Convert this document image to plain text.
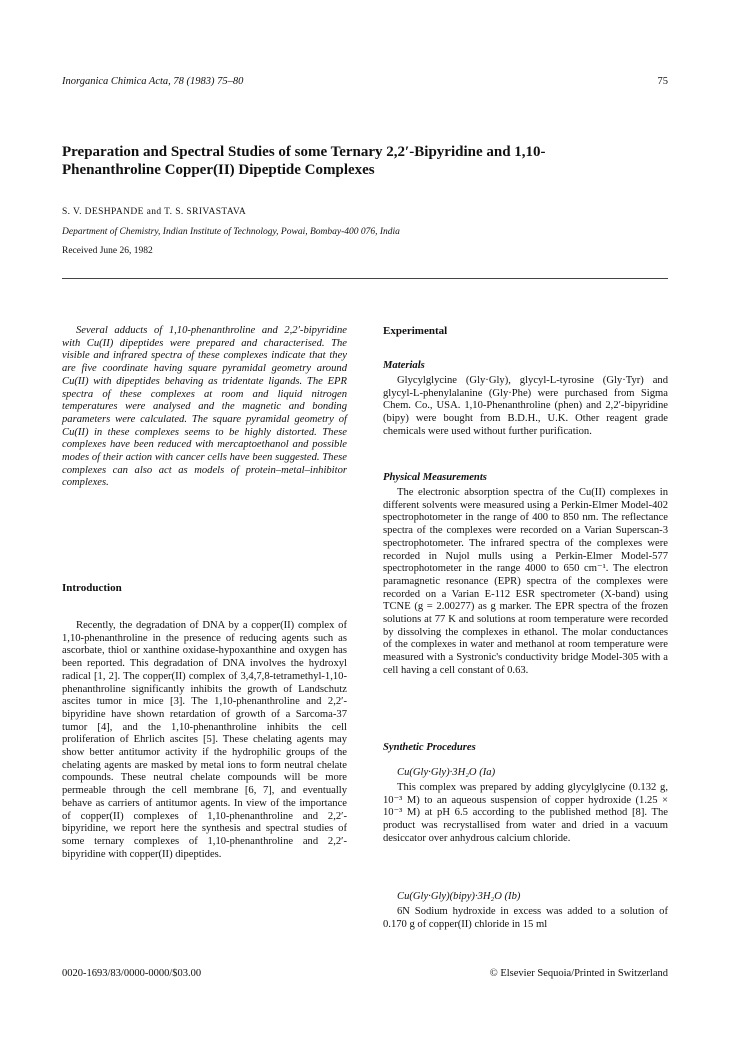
Inorganica Chimica Acta, 78 (1983) 75–80	75
Preparation and Spectral Studies of some Ternary 2,2′-Bipyridine and 1,10-Phenanthroline Copper(II) Dipeptide Complexes
S. V. DESHPANDE and T. S. SRIVASTAVA
Department of Chemistry, Indian Institute of Technology, Powai, Bombay-400 076, India
Received June 26, 1982

Several adducts of 1,10-phenanthroline and 2,2′-bipyridine with Cu(II) dipeptides were prepared and characterised. The visible and infrared spectra of these complexes indicate that they are five coordinate having square pyramidal geometry around Cu(II) with dipeptides behaving as tridentate ligands. The EPR spectra of these complexes at room and liquid nitrogen temperatures were analysed and the magnetic and bonding parameters were calculated. The square pyramidal geometry of Cu(II) in these complexes seems to be highly distorted. These complexes have been reduced with mercaptoethanol and possible modes of their action with cancer cells have been suggested. These complexes can also act as models of protein–metal–inhibitor complexes.

Introduction

Recently, the degradation of DNA by a copper(II) complex of 1,10-phenanthroline in the presence of reducing agents such as ascorbate, thiol or xanthine oxidase-hypoxanthine and oxygen has been reported. This degradation of DNA involves the hydroxyl radical [1, 2]. The copper(II) complex of 3,4,7,8-tetramethyl-1,10-phenanthroline significantly inhibits the growth of Landschutz ascites tumor in mice [3]. The 1,10-phenanthroline and 2,2′-bipyridine have shown retardation of growth of a Sarcoma-37 tumor [4], and the 1,10-phenanthroline inhibits the cell proliferation of Ehrlich ascites [5]. These chelating agents may show better antitumor activity if the hydrophilic groups of the chelating agents are masked by metal ions to form neutral chelate compounds. These neutral chelate compounds will be more permeable through the cell membrane [6, 7], and eventually behave as carriers of antitumor agents. In view of the importance of copper(II) complexes of 1,10-phenanthroline and 2,2′-bipyridine, we report here the synthesis and spectral studies of some ternary complexes of 1,10-phenanthroline and 2,2′-bipyridine with copper(II) dipeptides.

Experimental
Materials

Glycylglycine (Gly·Gly), glycyl-L-tyrosine (Gly·Tyr) and glycyl-L-phenylalanine (Gly·Phe) were purchased from Sigma Chem. Co., USA. 1,10-Phenanthroline (phen) and 2,2′-bipyridine (bipy) were bought from B.D.H., U.K. Other reagent grade chemicals were used without further purification.

Physical Measurements

The electronic absorption spectra of the Cu(II) complexes in different solvents were measured using a Perkin-Elmer Model-402 spectrophotometer in the range of 400 to 850 nm. The reflectance spectra of the complexes were recorded on a Varian Superscan-3 spectrophotometer. The infrared spectra of the complexes were recorded in Nujol mulls using a Perkin-Elmer Model-577 spectrophotometer in the range 4000 to 650 cm⁻¹. The electron paramagnetic resonance (EPR) spectra of the complexes were recorded on a Varian E-112 ESR spectrometer (X-band) using TCNE (g = 2.00277) as g marker. The EPR spectra of the frozen solutions at 77 K and solutions at room temperature were recorded by dissolving the complexes in ethanol. The molar conductances of the complexes in water and methanol at room temperature were measured with a Systronic's conductivity bridge Model-305 with a cell having a cell constant of 0.63.

Synthetic Procedures
Cu(Gly·Gly)·3H₂O (Ia)

This complex was prepared by adding glycylglycine (0.132 g, 10⁻³ M) to an aqueous suspension of copper hydroxide (1.25 × 10⁻³ M) at pH 6.5 according to the published method [8]. The product was recrystallised from water and dried in a vacuum desiccator over anhydrous calcium chloride.

Cu(Gly·Gly)(bipy)·3H₂O (Ib)

6N Sodium hydroxide in excess was added to a solution of 0.170 g of copper(II) chloride in 15 ml

0020-1693/83/0000-0000/$03.00	© Elsevier Sequoia/Printed in Switzerland
